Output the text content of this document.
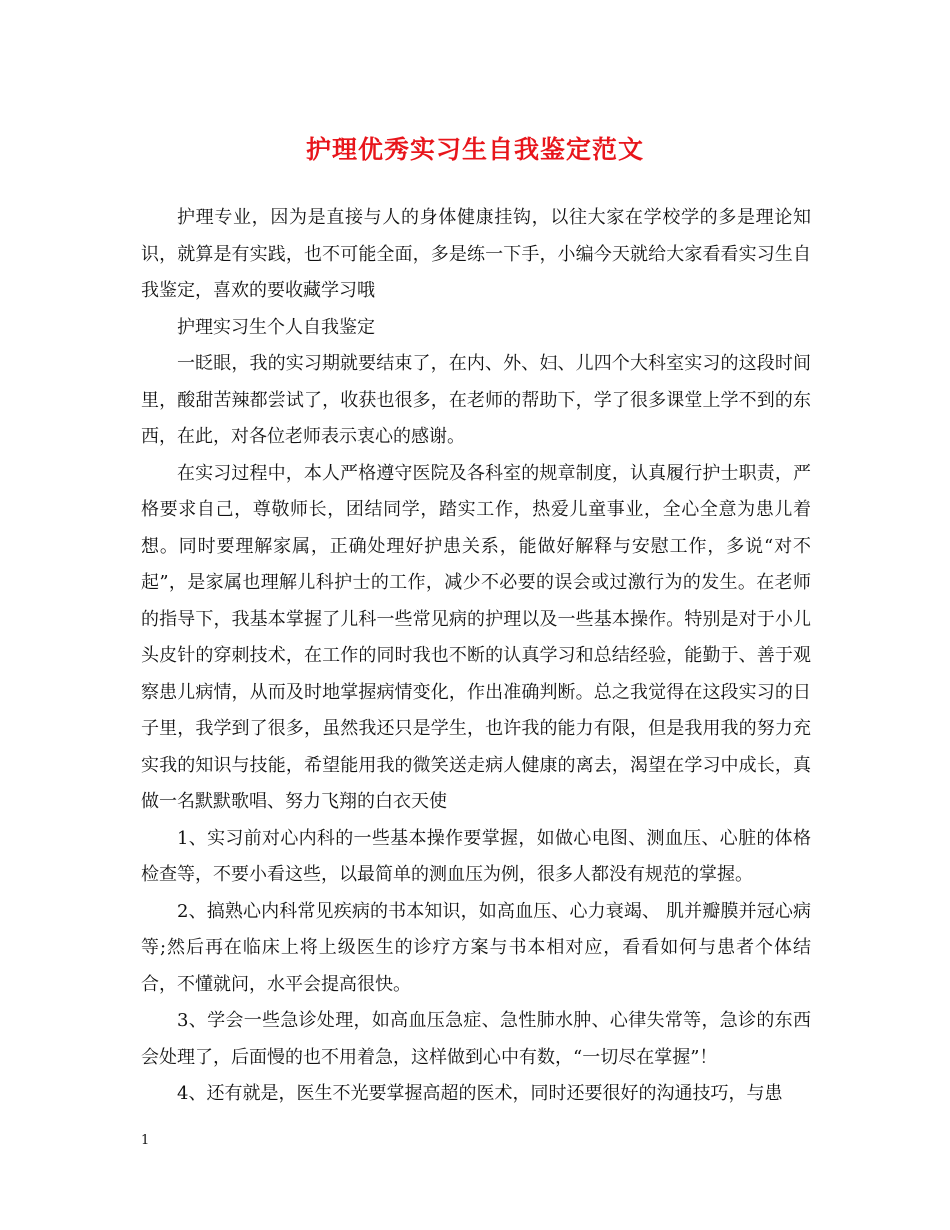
护理优秀实习生自我鉴定范文

护理专业，因为是直接与人的身体健康挂钩，以往大家在学校学的多是理论知识，就算是有实践，也不可能全面，多是练一下手，小编今天就给大家看看实习生自我鉴定，喜欢的要收藏学习哦

护理实习生个人自我鉴定

一眨眼，我的实习期就要结束了，在内、外、妇、儿四个大科室实习的这段时间里，酸甜苦辣都尝试了，收获也很多，在老师的帮助下，学了很多课堂上学不到的东西，在此，对各位老师表示衷心的感谢。

在实习过程中，本人严格遵守医院及各科室的规章制度，认真履行护士职责，严格要求自己，尊敬师长，团结同学，踏实工作，热爱儿童事业，全心全意为患儿着想。同时要理解家属，正确处理好护患关系，能做好解释与安慰工作，多说“对不起”，是家属也理解儿科护士的工作，减少不必要的误会或过激行为的发生。在老师的指导下，我基本掌握了儿科一些常见病的护理以及一些基本操作。特别是对于小儿头皮针的穿刺技术，在工作的同时我也不断的认真学习和总结经验，能勤于、善于观察患儿病情，从而及时地掌握病情变化，作出准确判断。总之我觉得在这段实习的日子里，我学到了很多，虽然我还只是学生，也许我的能力有限，但是我用我的努力充实我的知识与技能，希望能用我的微笑送走病人健康的离去，渴望在学习中成长，真做一名默默歌唱、努力飞翔的白衣天使

1、实习前对心内科的一些基本操作要掌握，如做心电图、测血压、心脏的体格检查等，不要小看这些，以最简单的测血压为例，很多人都没有规范的掌握。

2、搞熟心内科常见疾病的书本知识，如高血压、心力衰竭、 肌并瓣膜并冠心病等;然后再在临床上将上级医生的诊疗方案与书本相对应，看看如何与患者个体结合，不懂就问，水平会提高很快。

3、学会一些急诊处理，如高血压急症、急性肺水肿、心律失常等，急诊的东西会处理了，后面慢的也不用着急，这样做到心中有数，“一切尽在掌握”！

4、还有就是，医生不光要掌握高超的医术，同时还要很好的沟通技巧，与患

1
